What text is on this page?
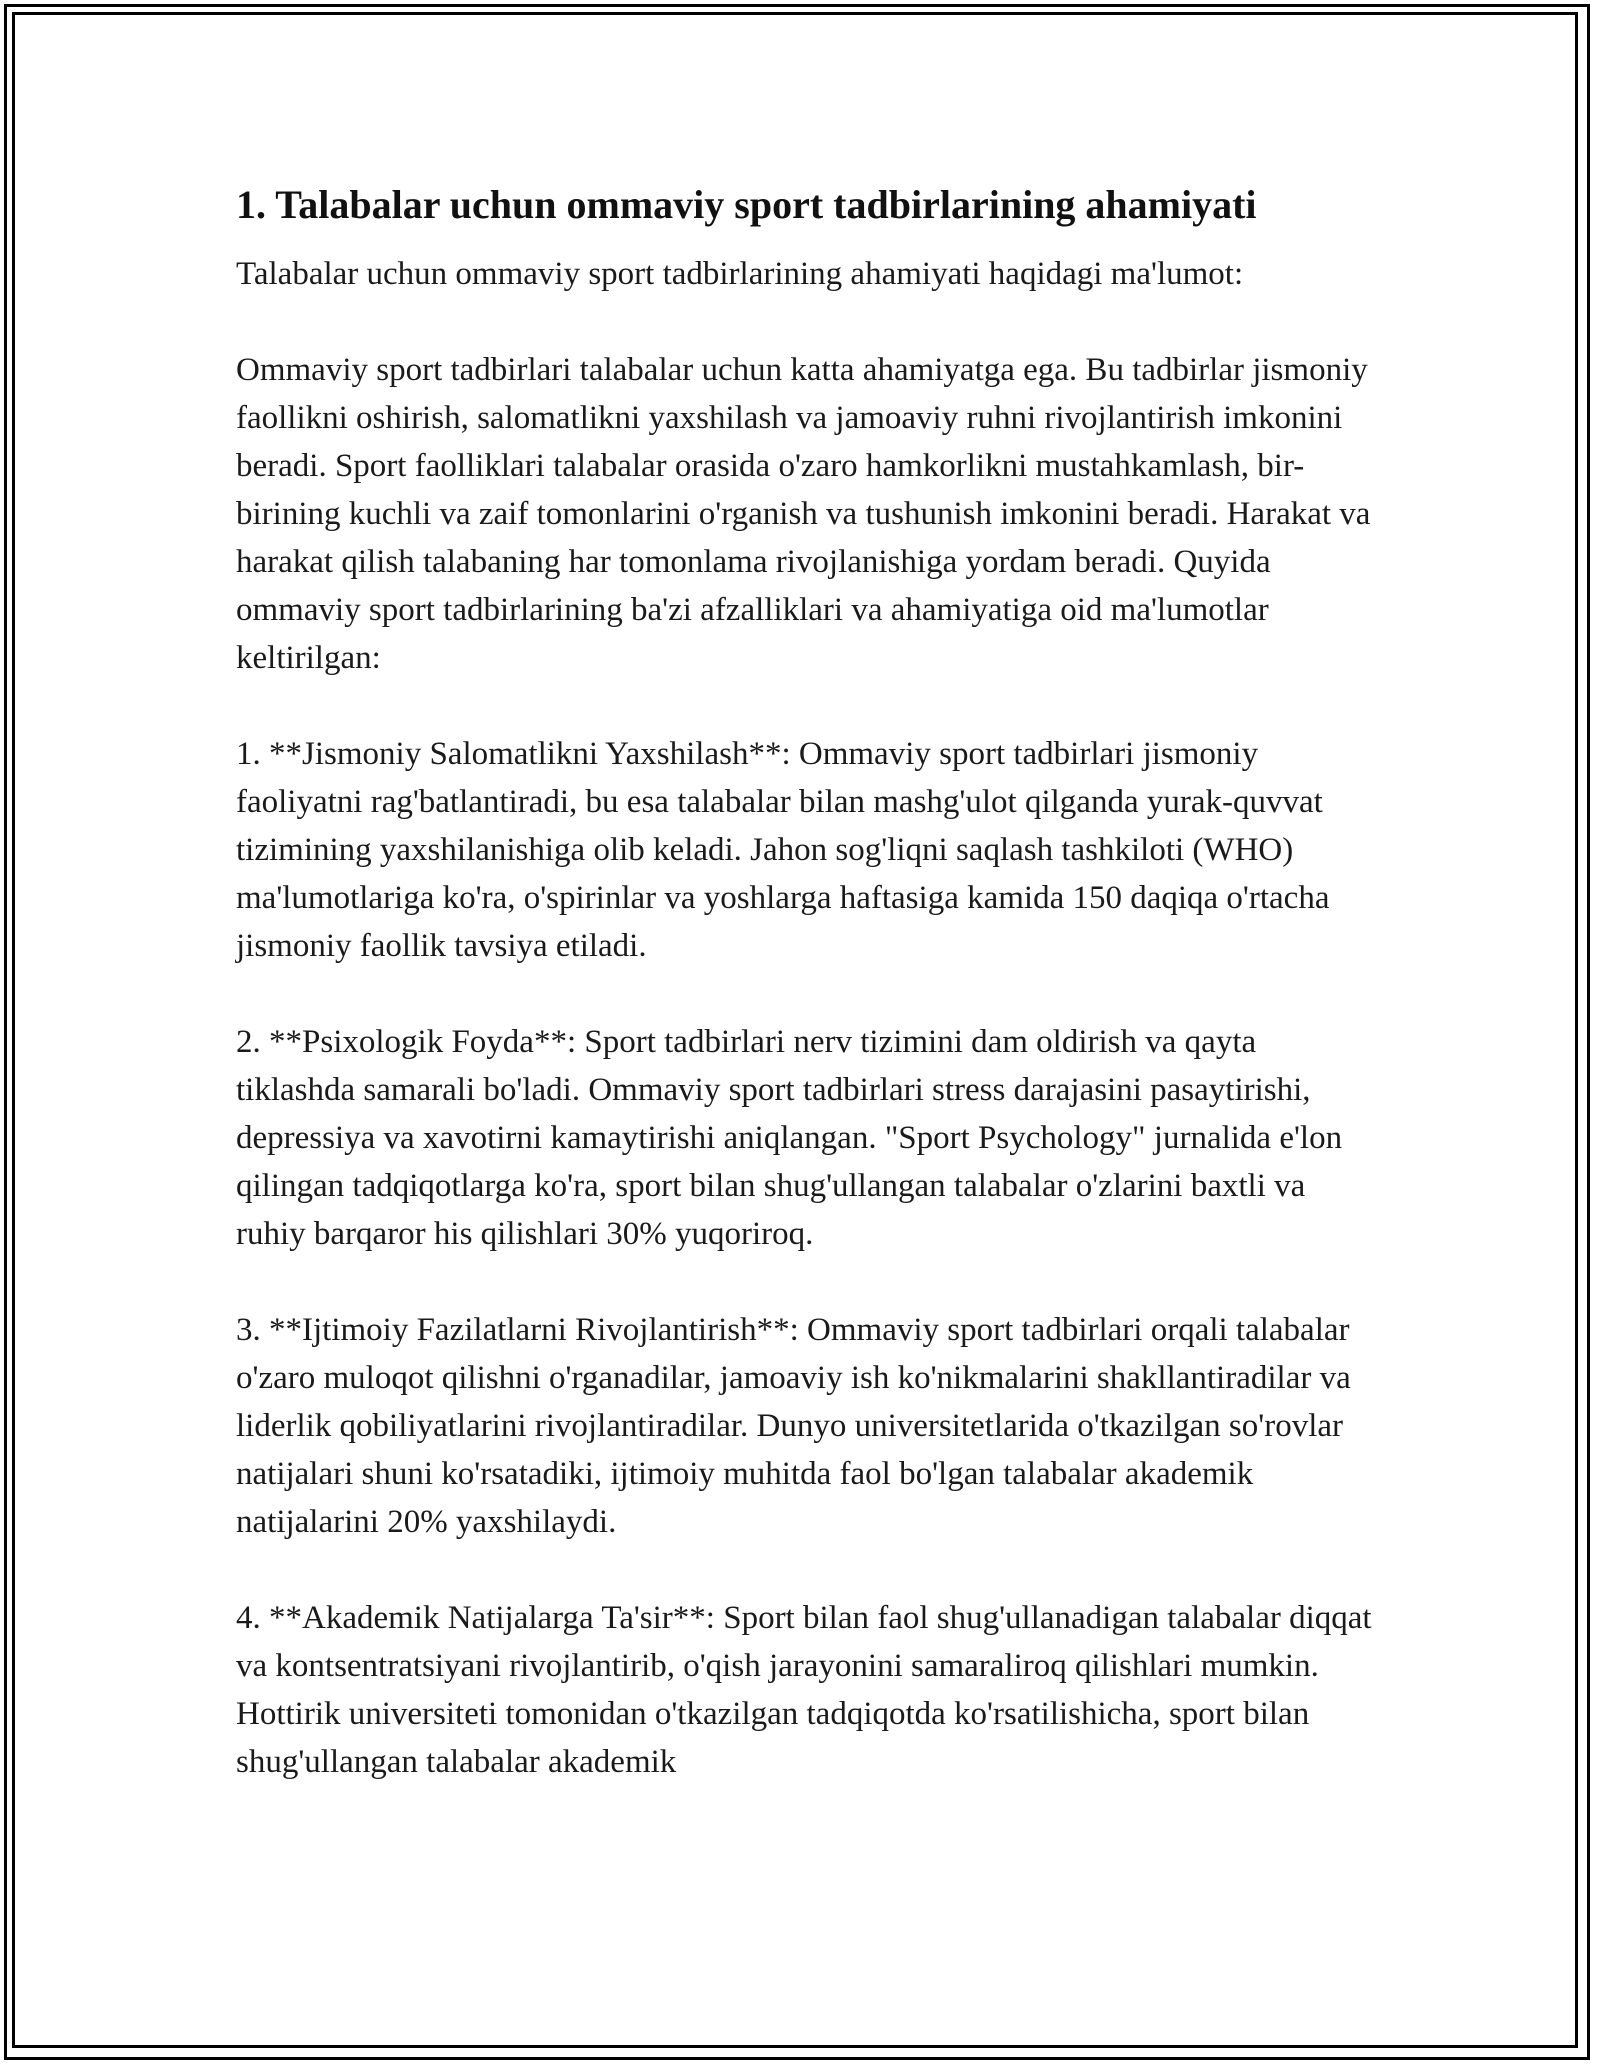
1. Talabalar uchun ommaviy sport tadbirlarining ahamiyati

Talabalar uchun ommaviy sport tadbirlarining ahamiyati haqidagi ma'lumot:

Ommaviy sport tadbirlari talabalar uchun katta ahamiyatga ega. Bu tadbirlar jismoniy faollikni oshirish, salomatlikni yaxshilash va jamoaviy ruhni rivojlantirish imkonini beradi. Sport faolliklari talabalar orasida o'zaro hamkorlikni mustahkamlash, bir-birining kuchli va zaif tomonlarini o'rganish va tushunish imkonini beradi. Harakat va harakat qilish talabaning har tomonlama rivojlanishiga yordam beradi. Quyida ommaviy sport tadbirlarining ba'zi afzalliklari va ahamiyatiga oid ma'lumotlar keltirilgan:

1. **Jismoniy Salomatlikni Yaxshilash**: Ommaviy sport tadbirlari jismoniy faoliyatni rag'batlantiradi, bu esa talabalar bilan mashg'ulot qilganda yurak-quvvat tizimining yaxshilanishiga olib keladi. Jahon sog'liqni saqlash tashkiloti (WHO) ma'lumotlariga ko'ra, o'spirinlar va yoshlarga haftasiga kamida 150 daqiqa o'rtacha jismoniy faollik tavsiya etiladi.

2. **Psixologik Foyda**: Sport tadbirlari nerv tizimini dam oldirish va qayta tiklashda samarali bo'ladi. Ommaviy sport tadbirlari stress darajasini pasaytirishi, depressiya va xavotirni kamaytirishi aniqlangan. "Sport Psychology" jurnalida e'lon qilingan tadqiqotlarga ko'ra, sport bilan shug'ullangan talabalar o'zlarini baxtli va ruhiy barqaror his qilishlari 30% yuqoriroq.

3. **Ijtimoiy Fazilatlarni Rivojlantirish**: Ommaviy sport tadbirlari orqali talabalar o'zaro muloqot qilishni o'rganadilar, jamoaviy ish ko'nikmalarini shakllantiradilar va liderlik qobiliyatlarini rivojlantiradilar. Dunyo universitetlarida o'tkazilgan so'rovlar natijalari shuni ko'rsatadiki, ijtimoiy muhitda faol bo'lgan talabalar akademik natijalarini 20% yaxshilaydi.

4. **Akademik Natijalarga Ta'sir**: Sport bilan faol shug'ullanadigan talabalar diqqat va kontsentratsiyani rivojlantirib, o'qish jarayonini samaraliroq qilishlari mumkin. Hottirik universiteti tomonidan o'tkazilgan tadqiqotda ko'rsatilishicha, sport bilan shug'ullangan talabalar akademik
